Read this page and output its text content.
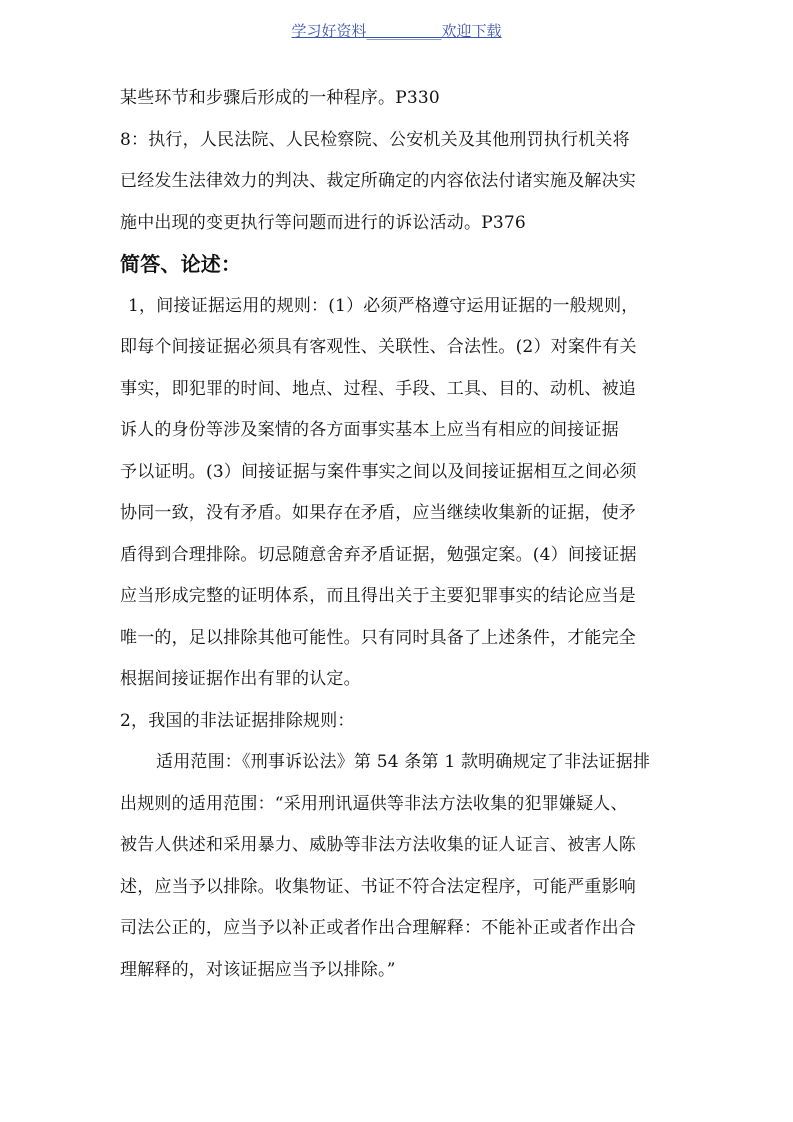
学习好资料__________欢迎下载
某些环节和步骤后形成的一种程序。P330
8：执行，人民法院、人民检察院、公安机关及其他刑罚执行机关将
已经发生法律效力的判决、裁定所确定的内容依法付诸实施及解决实
施中出现的变更执行等问题而进行的诉讼活动。P376
简答、论述：
1，间接证据运用的规则：(1）必须严格遵守运用证据的一般规则，
即每个间接证据必须具有客观性、关联性、合法性。(2）对案件有关
事实，即犯罪的时间、地点、过程、手段、工具、目的、动机、被追
诉人的身份等涉及案情的各方面事实基本上应当有相应的间接证据
予以证明。(3）间接证据与案件事实之间以及间接证据相互之间必须
协同一致，没有矛盾。如果存在矛盾，应当继续收集新的证据，使矛
盾得到合理排除。切忌随意舍弃矛盾证据，勉强定案。(4）间接证据
应当形成完整的证明体系，而且得出关于主要犯罪事实的结论应当是
唯一的，足以排除其他可能性。只有同时具备了上述条件，才能完全
根据间接证据作出有罪的认定。
2，我国的非法证据排除规则：
适用范围：《刑事诉讼法》第 54 条第 1 款明确规定了非法证据排
出规则的适用范围：“采用刑讯逼供等非法方法收集的犯罪嫌疑人、
被告人供述和采用暴力、威胁等非法方法收集的证人证言、被害人陈
述，应当予以排除。收集物证、书证不符合法定程序，可能严重影响
司法公正的，应当予以补正或者作出合理解释：不能补正或者作出合
理解释的，对该证据应当予以排除。”
